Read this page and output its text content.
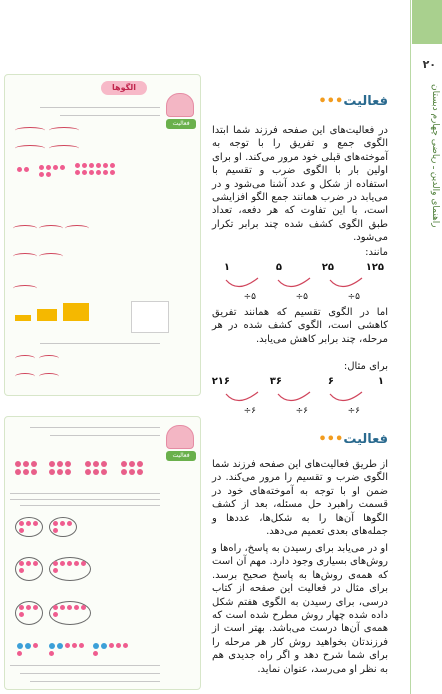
۲۰
راهنمای والدین ـ ریاضی چهارم دبستان
فعالیت•••
در فعالیت‌های این صفحه فرزند شما ابتدا الگوی جمع و تفریق را با توجه به آموخته‌های قبلی خود مرور می‌کند. او برای اولین بار با الگوی ضرب و تقسیم با استفاده از شکل و عدد آشنا می‌شود و در می‌یابد در ضرب همانند جمع الگو افزایشی است، با این تفاوت که هر دفعه، تعداد طبق الگوی کشف شده چند برابر تکرار می‌شود.
مانند:
۱۲۵
۲۵
۵
۱
÷۵
÷۵
÷۵
اما در الگوی تقسیم که همانند تفریق کاهشی است، الگوی کشف شده در هر مرحله، چند برابر کاهش می‌یابد.
برای مثال:
۱
۶
۳۶
۲۱۶
÷۶
÷۶
÷۶
فعالیت•••
از طریق فعالیت‌های این صفحه فرزند شما الگوی ضرب و تقسیم را مرور می‌کند. در ضمن او با توجه به آموخته‌های خود در قسمت راهبرد حل مسئله، بعد از کشف الگوها آن‌ها را به شکل‌ها، عددها و جمله‌های بعدی تعمیم می‌دهد.
او در می‌یابد برای رسیدن به پاسخ، راه‌ها و روش‌های بسیاری وجود دارد. مهم آن است که همه‌ی روش‌ها به پاسخ صحیح برسد. برای مثال در فعالیت این صفحه از کتاب درسی، برای رسیدن به الگوی هفتم شکل داده شده چهار روش مطرح شده است که همه‌ی آن‌ها درست می‌باشد. بهتر است از فرزندتان بخواهید روش کار هر مرحله را برای شما شرح دهد و اگر راه جدیدی هم به نظر او می‌رسد، عنوان نماید.
الگوها
فعالیت
فعالیت
